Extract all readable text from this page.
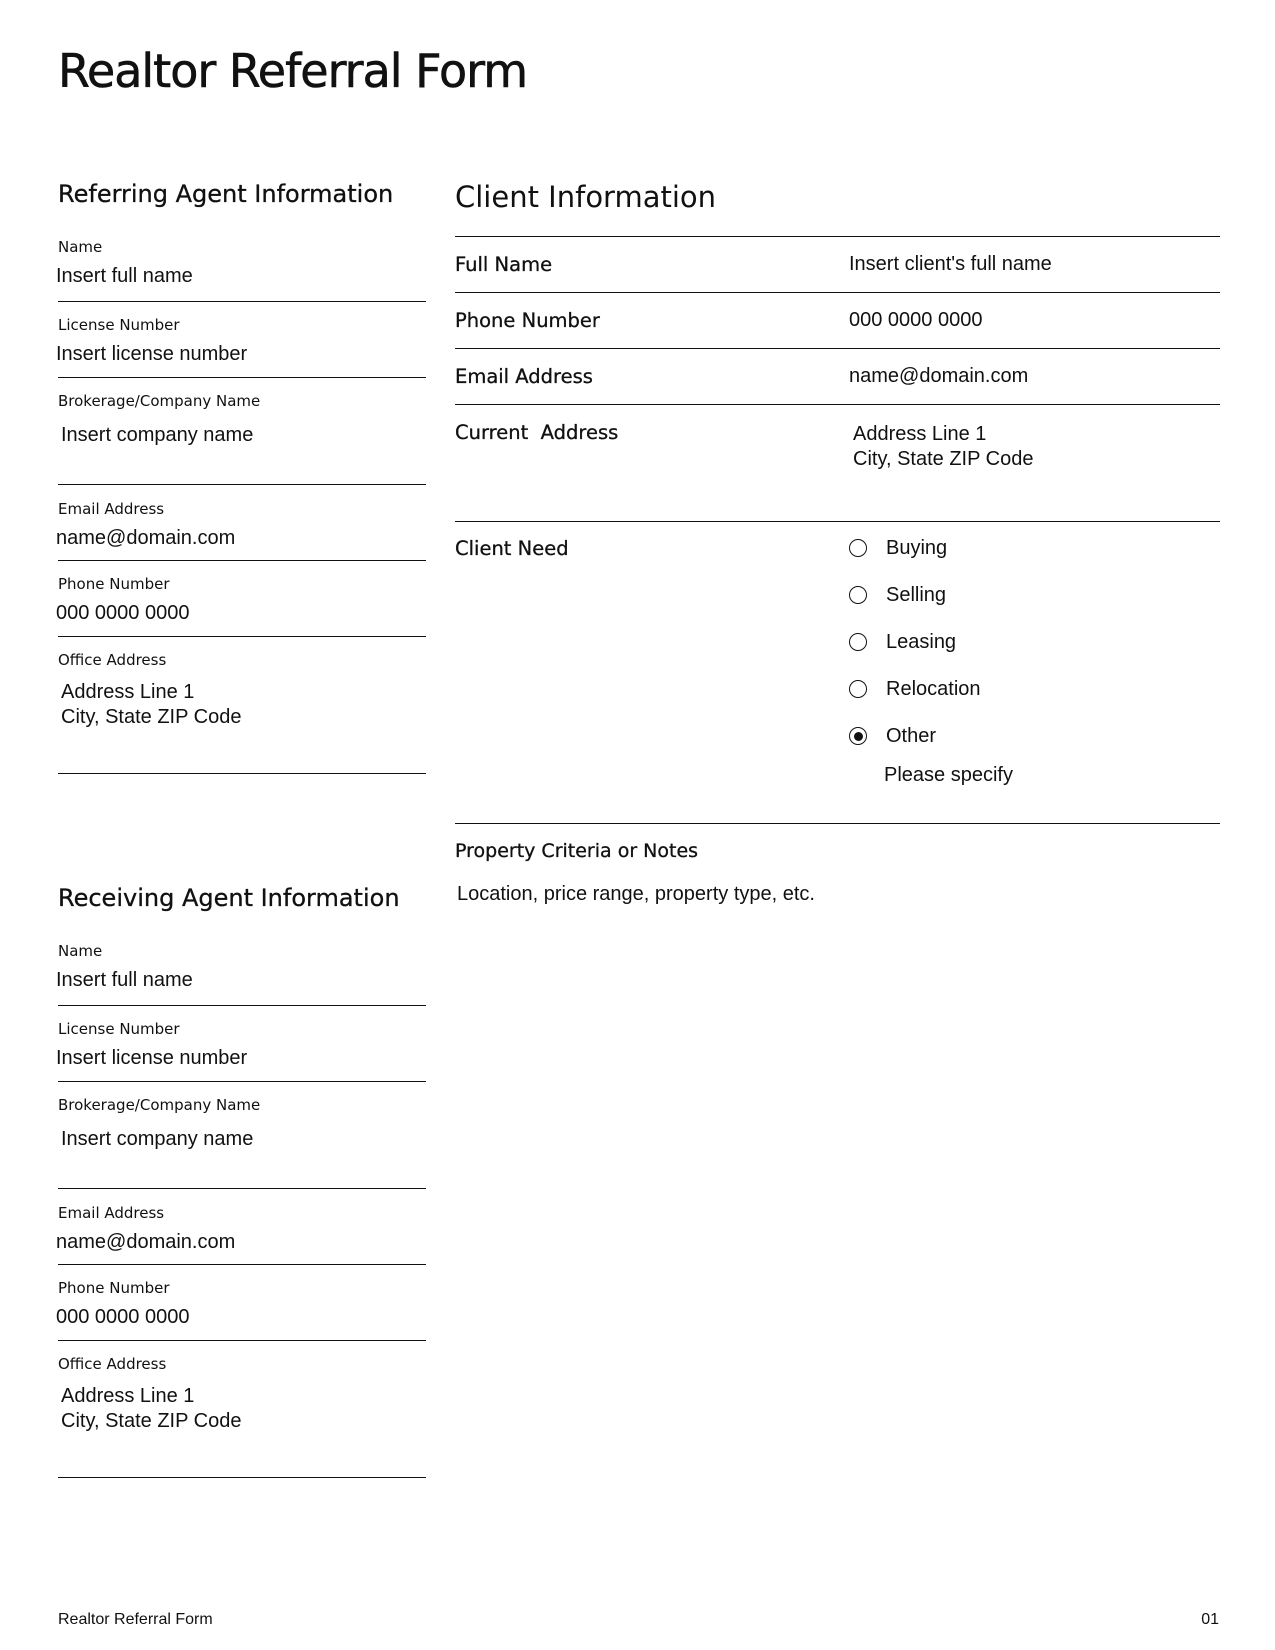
Realtor Referral Form
Referring Agent Information
Name
Insert full name
License Number
Insert license number
Brokerage/Company Name
Insert company name
Email Address
name@domain.com
Phone Number
000 0000 0000
Office Address
Address Line 1
City, State ZIP Code
Receiving Agent Information
Name
Insert full name
License Number
Insert license number
Brokerage/Company Name
Insert company name
Email Address
name@domain.com
Phone Number
000 0000 0000
Office Address
Address Line 1
City, State ZIP Code
Client Information
Full Name	Insert client's full name
Phone Number	000 0000 0000
Email Address	name@domain.com
Current  Address	Address Line 1
City, State ZIP Code
Client Need	Buying
Selling
Leasing
Relocation
Other
Please specify
Property Criteria or Notes
Location, price range, property type, etc.
Realtor Referral Form	01
